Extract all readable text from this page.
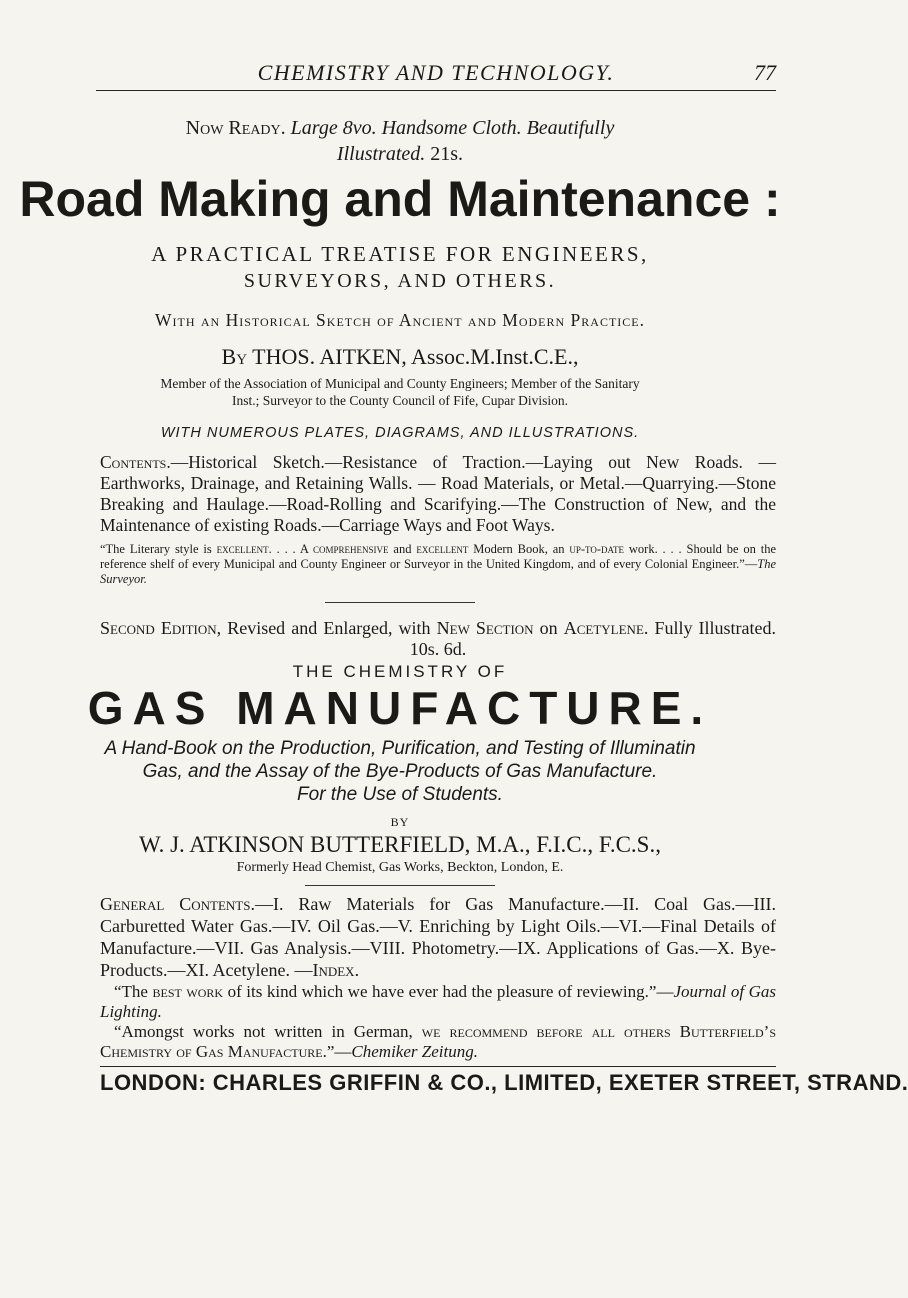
CHEMISTRY AND TECHNOLOGY.	77
Now Ready. Large 8vo. Handsome Cloth. Beautifully
Illustrated. 21s.
Road Making and Maintenance :
A PRACTICAL TREATISE FOR ENGINEERS,
SURVEYORS, AND OTHERS.
With an Historical Sketch of Ancient and Modern Practice.
By THOS. AITKEN, Assoc.M.Inst.C.E.,
Member of the Association of Municipal and County Engineers; Member of the Sanitary
Inst.; Surveyor to the County Council of Fife, Cupar Division.
WITH NUMEROUS PLATES, DIAGRAMS, AND ILLUSTRATIONS.
Contents.—Historical Sketch.—Resistance of Traction.—Laying out New Roads. — Earthworks, Drainage, and Retaining Walls. — Road Materials, or Metal.—Quarrying.—Stone Breaking and Haulage.—Road-Rolling and Scarifying.—The Construction of New, and the Maintenance of existing Roads.—Carriage Ways and Foot Ways.
“The Literary style is excellent. . . . A comprehensive and excellent Modern Book, an up-to-date work. . . . Should be on the reference shelf of every Municipal and County Engineer or Surveyor in the United Kingdom, and of every Colonial Engineer.”—The Surveyor.
Second Edition, Revised and Enlarged, with New Section on Acetylene. Fully Illustrated. 10s. 6d.
THE CHEMISTRY OF
GAS MANUFACTURE.
A Hand-Book on the Production, Purification, and Testing of Illuminatin
Gas, and the Assay of the Bye-Products of Gas Manufacture.
For the Use of Students.
BY
W. J. ATKINSON BUTTERFIELD, M.A., F.I.C., F.C.S.,
Formerly Head Chemist, Gas Works, Beckton, London, E.
General Contents.—I. Raw Materials for Gas Manufacture.—II. Coal Gas.—III. Carburetted Water Gas.—IV. Oil Gas.—V. Enriching by Light Oils.—VI.—Final Details of Manufacture.—VII. Gas Analysis.—VIII. Photometry.—IX. Applications of Gas.—X. Bye-Products.—XI. Acetylene. —Index.
“The best work of its kind which we have ever had the pleasure of reviewing.”—Journal of Gas Lighting.
“Amongst works not written in German, we recommend before all others Butterfield’s Chemistry of Gas Manufacture.”—Chemiker Zeitung.
LONDON: CHARLES GRIFFIN & CO., LIMITED, EXETER STREET, STRAND.
